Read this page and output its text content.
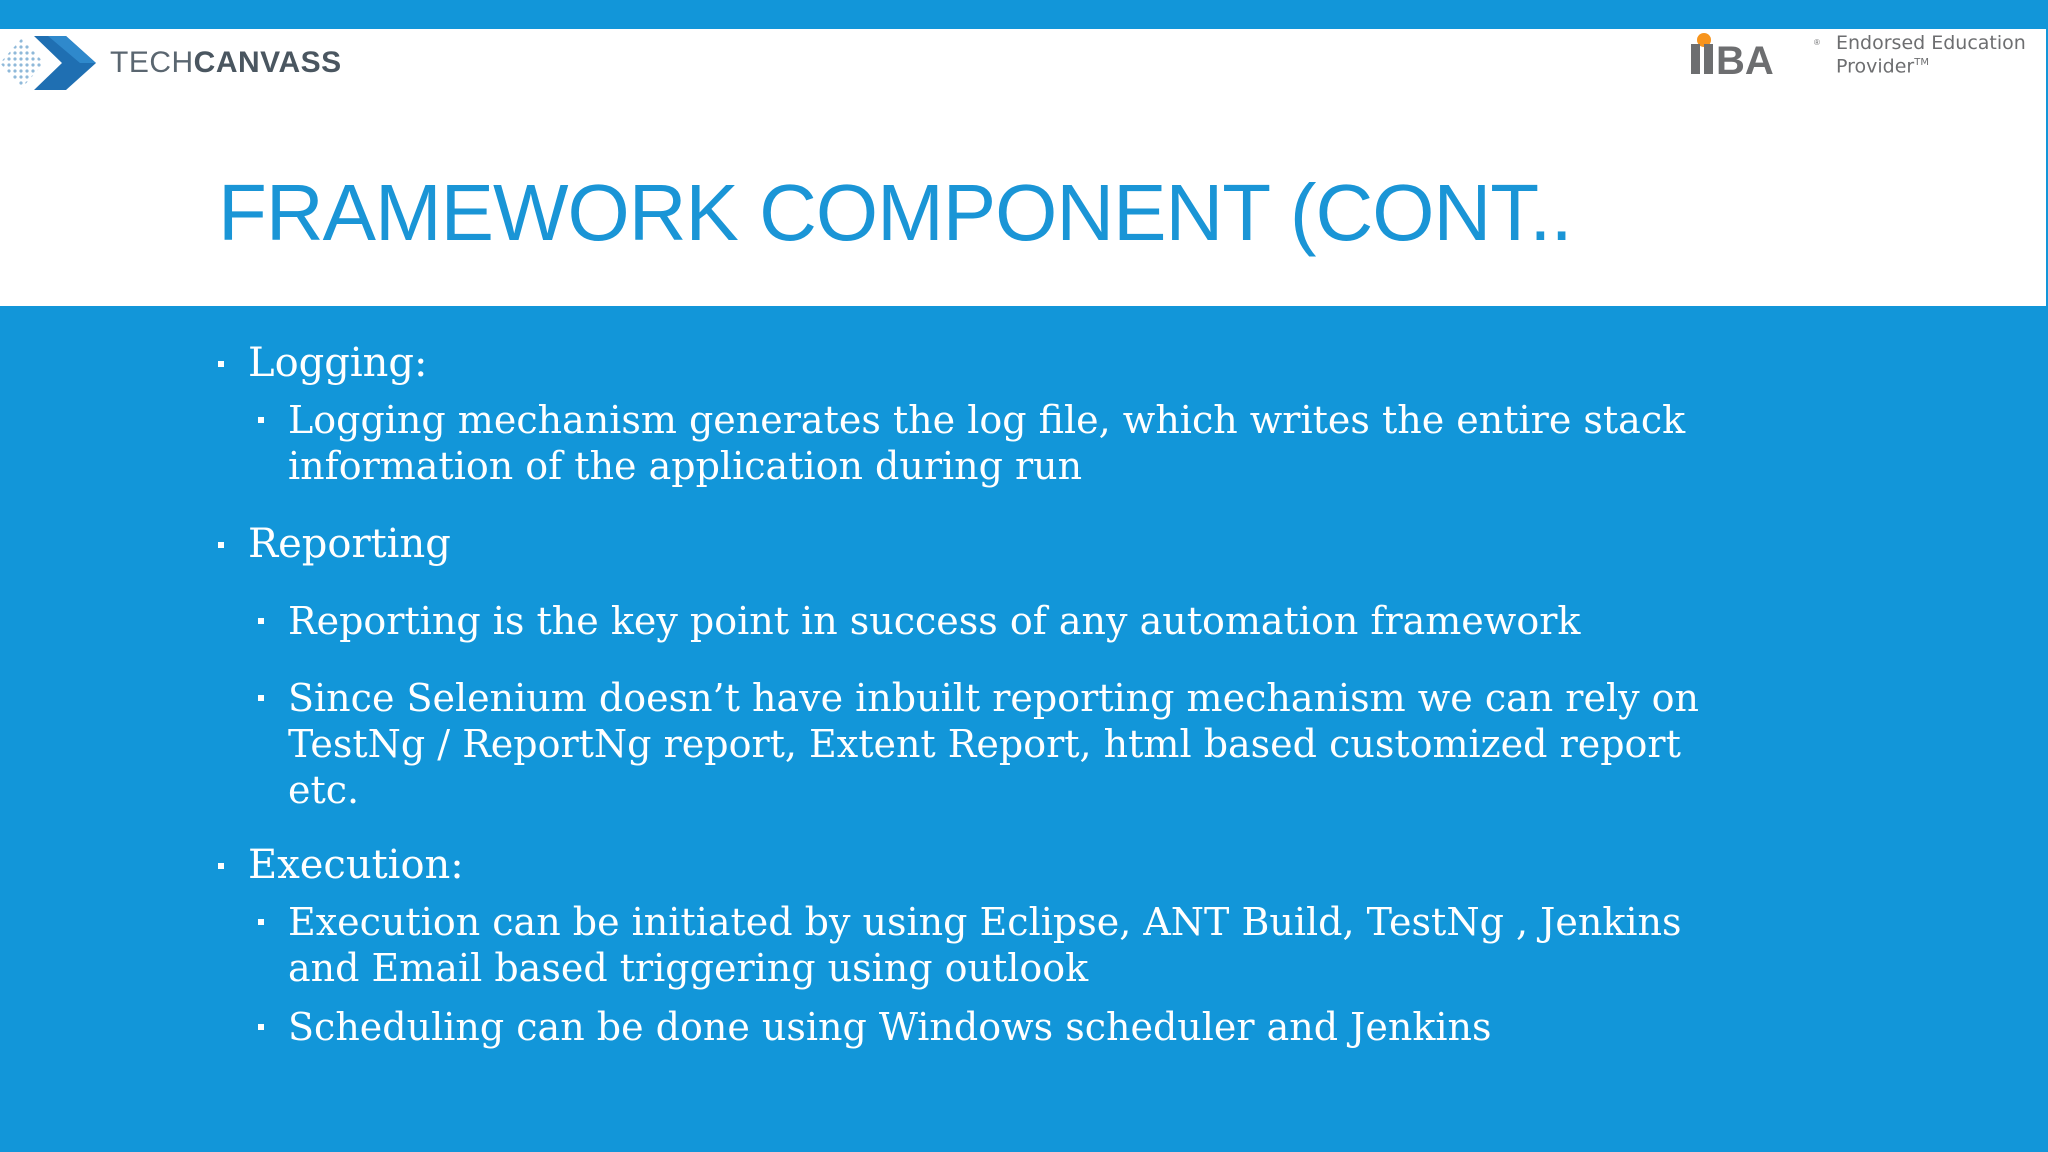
TECHCANVASS	BA	® Endorsed Education
Provider™
FRAMEWORK COMPONENT (CONT..
Logging:
Logging mechanism generates the log file, which writes the entire stack
information of the application during run
Reporting
Reporting is the key point in success of any automation framework
Since Selenium doesn’t have inbuilt reporting mechanism we can rely on
TestNg / ReportNg report, Extent Report, html based customized report
etc.
Execution:
Execution can be initiated by using Eclipse, ANT Build, TestNg , Jenkins
and Email based triggering using outlook
Scheduling can be done using Windows scheduler and Jenkins
